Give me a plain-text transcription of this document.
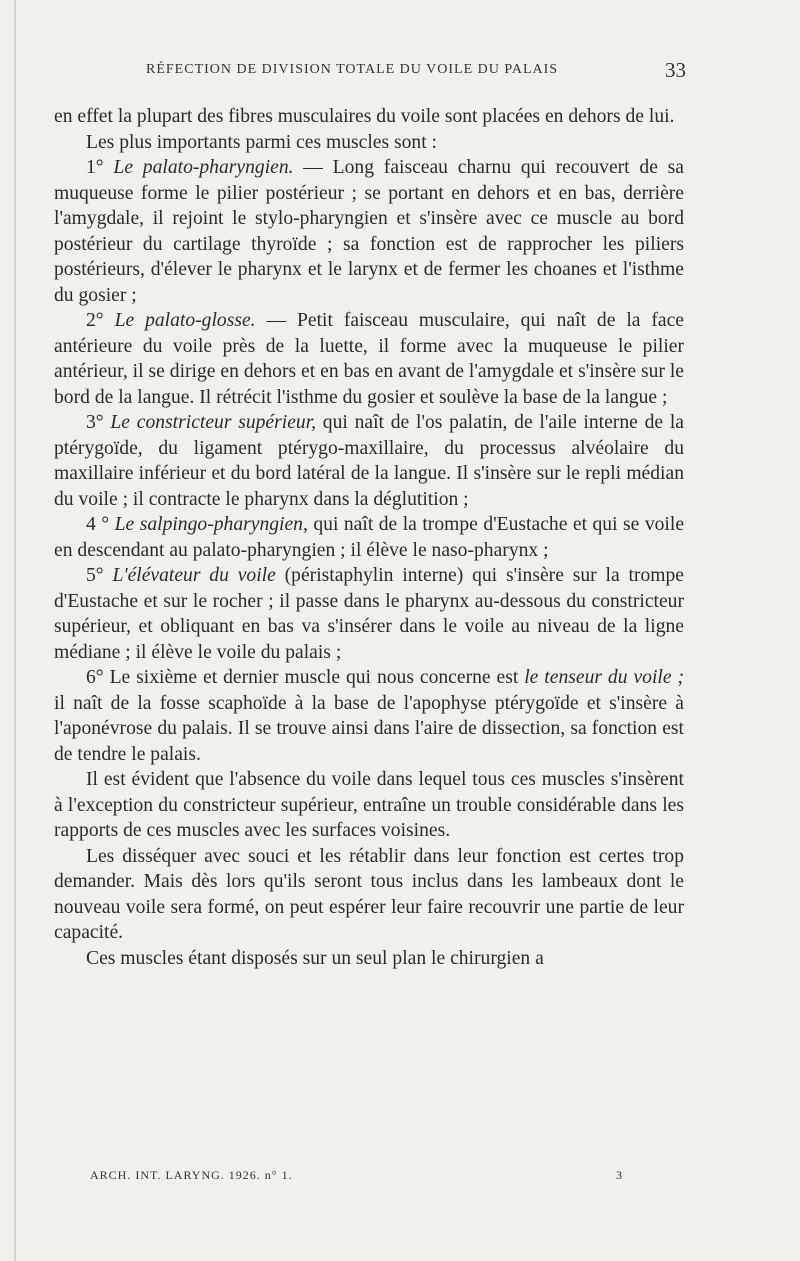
RÉFECTION DE DIVISION TOTALE DU VOILE DU PALAIS	33

en effet la plupart des fibres musculaires du voile sont placées en dehors de lui.

Les plus importants parmi ces muscles sont :

1° Le palato-pharyngien. — Long faisceau charnu qui recouvert de sa muqueuse forme le pilier postérieur ; se portant en dehors et en bas, derrière l'amygdale, il rejoint le stylo-pharyngien et s'insère avec ce muscle au bord postérieur du cartilage thyroïde ; sa fonction est de rapprocher les piliers postérieurs, d'élever le pharynx et le larynx et de fermer les choanes et l'isthme du gosier ;

2° Le palato-glosse. — Petit faisceau musculaire, qui naît de la face antérieure du voile près de la luette, il forme avec la muqueuse le pilier antérieur, il se dirige en dehors et en bas en avant de l'amygdale et s'insère sur le bord de la langue. Il rétrécit l'isthme du gosier et soulève la base de la langue ;

3° Le constricteur supérieur, qui naît de l'os palatin, de l'aile interne de la ptérygoïde, du ligament ptérygo-maxillaire, du processus alvéolaire du maxillaire inférieur et du bord latéral de la langue. Il s'insère sur le repli médian du voile ; il contracte le pharynx dans la déglutition ;

4 ° Le salpingo-pharyngien, qui naît de la trompe d'Eustache et qui se voile en descendant au palato-pharyngien ; il élève le naso-pharynx ;

5° L'élévateur du voile (péristaphylin interne) qui s'insère sur la trompe d'Eustache et sur le rocher ; il passe dans le pharynx au-dessous du constricteur supérieur, et obliquant en bas va s'insérer dans le voile au niveau de la ligne médiane ; il élève le voile du palais ;

6° Le sixième et dernier muscle qui nous concerne est le tenseur du voile ; il naît de la fosse scaphoïde à la base de l'apophyse ptérygoïde et s'insère à l'aponévrose du palais. Il se trouve ainsi dans l'aire de dissection, sa fonction est de tendre le palais.

Il est évident que l'absence du voile dans lequel tous ces muscles s'insèrent à l'exception du constricteur supérieur, entraîne un trouble considérable dans les rapports de ces muscles avec les surfaces voisines.

Les disséquer avec souci et les rétablir dans leur fonction est certes trop demander. Mais dès lors qu'ils seront tous inclus dans les lambeaux dont le nouveau voile sera formé, on peut espérer leur faire recouvrir une partie de leur capacité.

Ces muscles étant disposés sur un seul plan le chirurgien a

ARCH. INT. LARYNG. 1926. n° 1.	3
